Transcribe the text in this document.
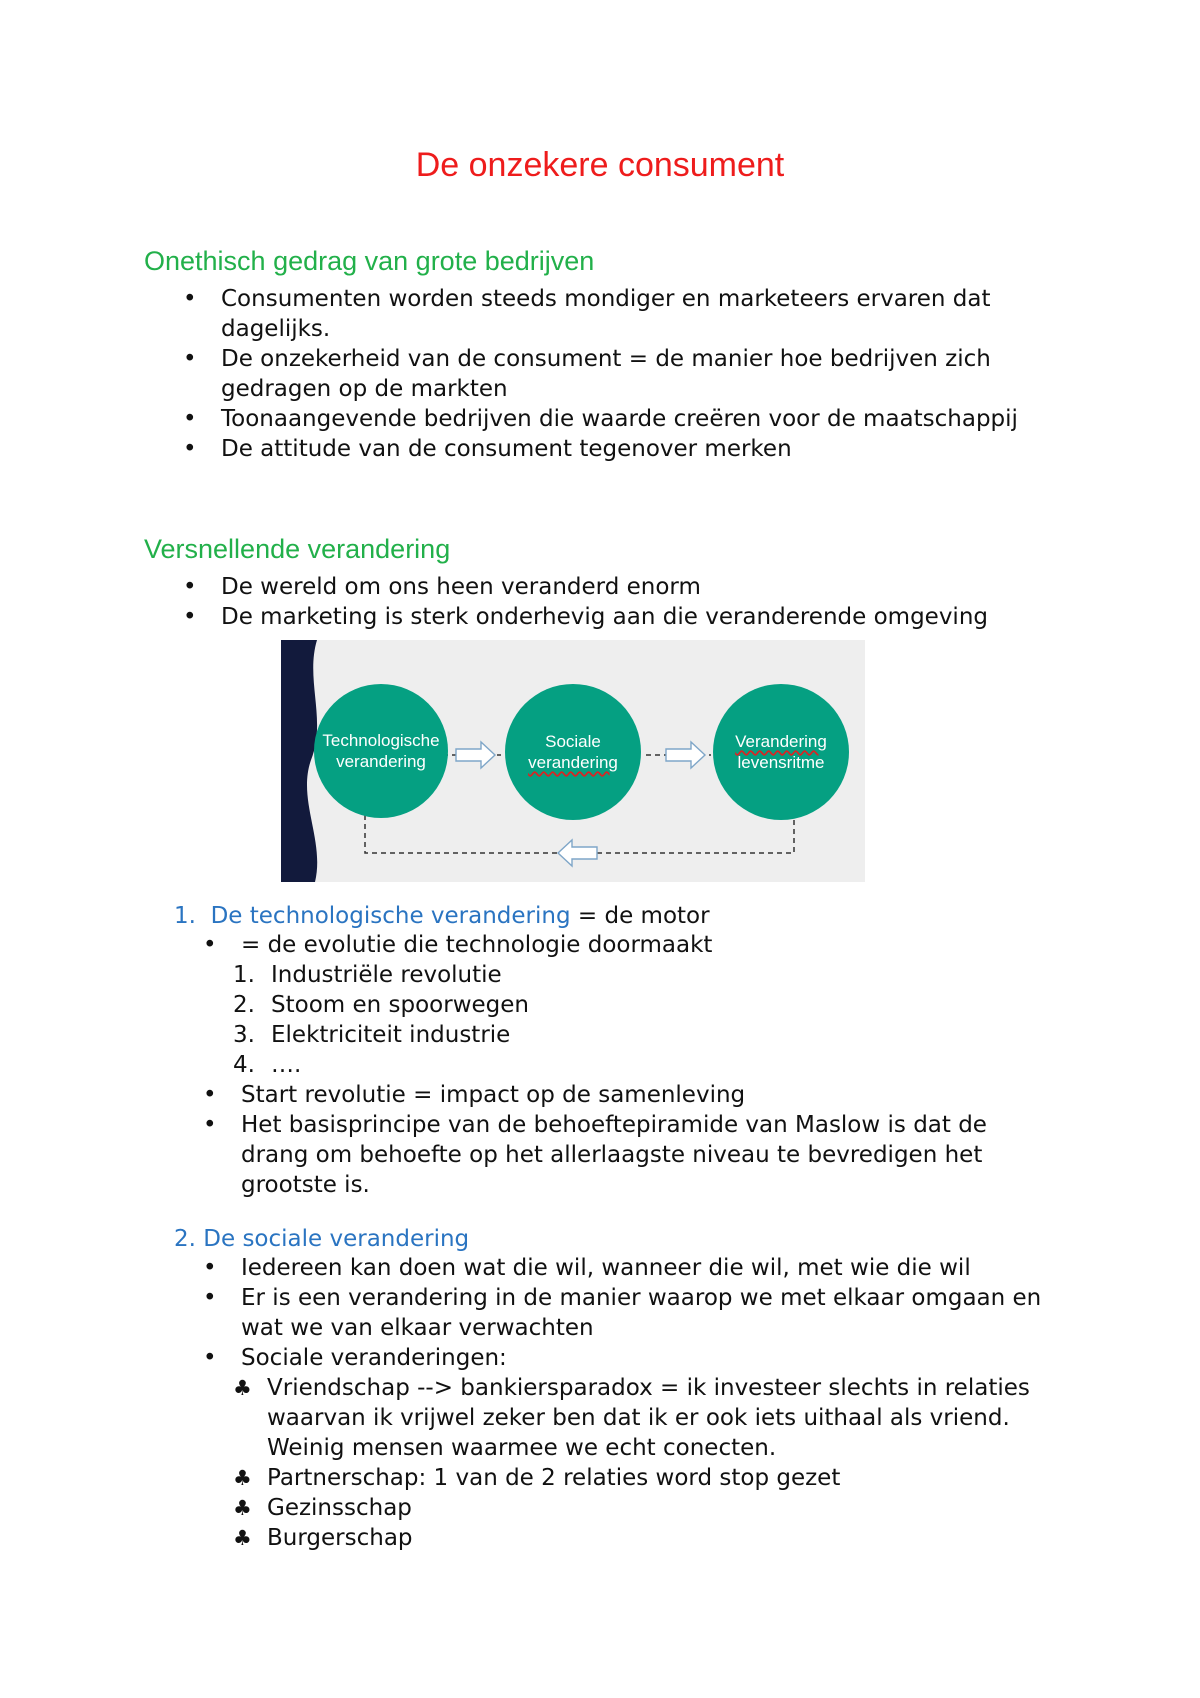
De onzekere consument
Onethisch gedrag van grote bedrijven
• Consumenten worden steeds mondiger en marketeers ervaren dat dagelijks.
• De onzekerheid van de consument = de manier hoe bedrijven zich gedragen op de markten
• Toonaangevende bedrijven die waarde creëren voor de maatschappij
• De attitude van de consument tegenover merken
Versnellende verandering
• De wereld om ons heen veranderd enorm
• De marketing is sterk onderhevig aan die veranderende omgeving
Technologische
verandering
Sociale
verandering
Verandering
levensritme
1. De technologische verandering = de motor
• = de evolutie die technologie doormaakt
1. Industriële revolutie
2. Stoom en spoorwegen
3. Elektriciteit industrie
4. ….
• Start revolutie = impact op de samenleving
• Het basisprincipe van de behoeftepiramide van Maslow is dat de drang om behoefte op het allerlaagste niveau te bevredigen het grootste is.
2. De sociale verandering
• Iedereen kan doen wat die wil, wanneer die wil, met wie die wil
• Er is een verandering in de manier waarop we met elkaar omgaan en wat we van elkaar verwachten
• Sociale veranderingen:
♣ Vriendschap --> bankiersparadox = ik investeer slechts in relaties waarvan ik vrijwel zeker ben dat ik er ook iets uithaal als vriend. Weinig mensen waarmee we echt conecten.
♣ Partnerschap: 1 van de 2 relaties word stop gezet
♣ Gezinsschap
♣ Burgerschap
